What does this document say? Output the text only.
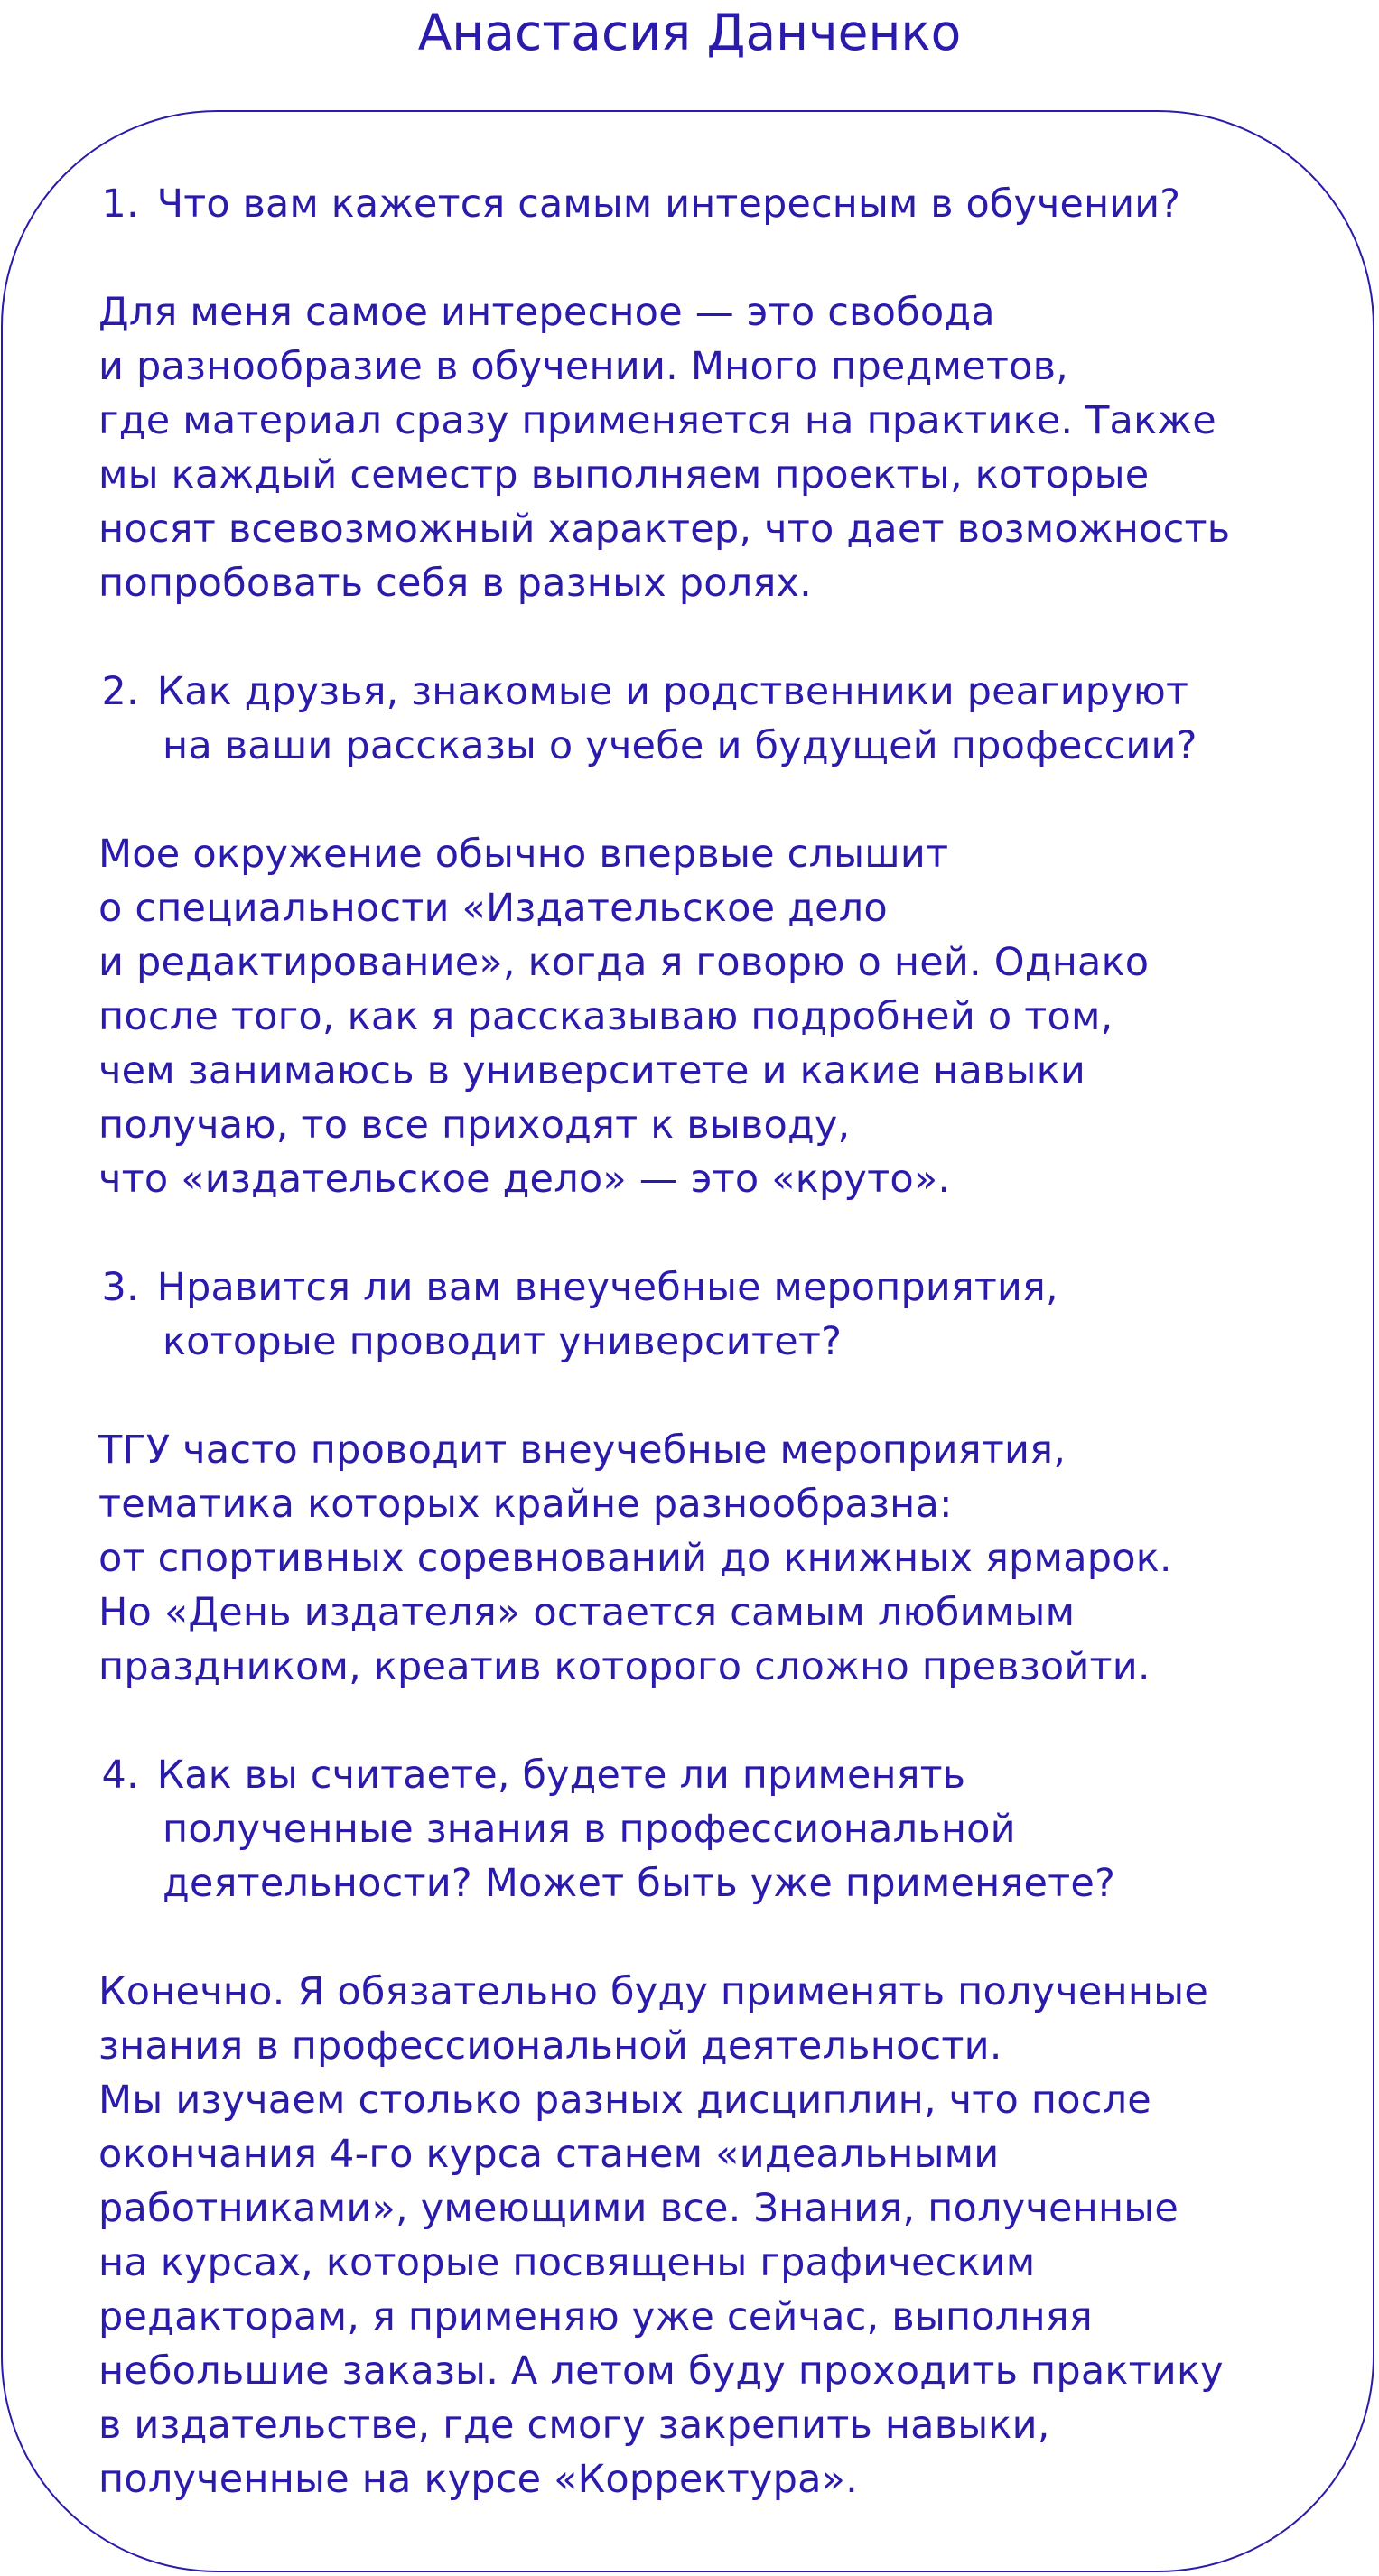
Анастасия Данченко
1. Что вам кажется самым интересным в обучении?
Для меня самое интересное — это свобода
и разнообразие в обучении. Много предметов,
где материал сразу применяется на практике. Также
мы каждый семестр выполняем проекты, которые
носят всевозможный характер, что дает возможность
попробовать себя в разных ролях.
2. Как друзья, знакомые и родственники реагируют
на ваши рассказы о учебе и будущей профессии?
Мое окружение обычно впервые слышит
о специальности «Издательское дело
и редактирование», когда я говорю о ней. Однако
после того, как я рассказываю подробней о том,
чем занимаюсь в университете и какие навыки
получаю, то все приходят к выводу,
что «издательское дело» — это «круто».
3. Нравится ли вам внеучебные мероприятия,
которые проводит университет?
ТГУ часто проводит внеучебные мероприятия,
тематика которых крайне разнообразна:
от спортивных соревнований до книжных ярмарок.
Но «День издателя» остается самым любимым
праздником, креатив которого сложно превзойти.
4. Как вы считаете, будете ли применять
полученные знания в профессиональной
деятельности? Может быть уже применяете?
Конечно. Я обязательно буду применять полученные
знания в профессиональной деятельности.
Мы изучаем столько разных дисциплин, что после
окончания 4-го курса станем «идеальными
работниками», умеющими все. Знания, полученные
на курсах, которые посвящены графическим
редакторам, я применяю уже сейчас, выполняя
небольшие заказы. А летом буду проходить практику
в издательстве, где смогу закрепить навыки,
полученные на курсе «Корректура».
